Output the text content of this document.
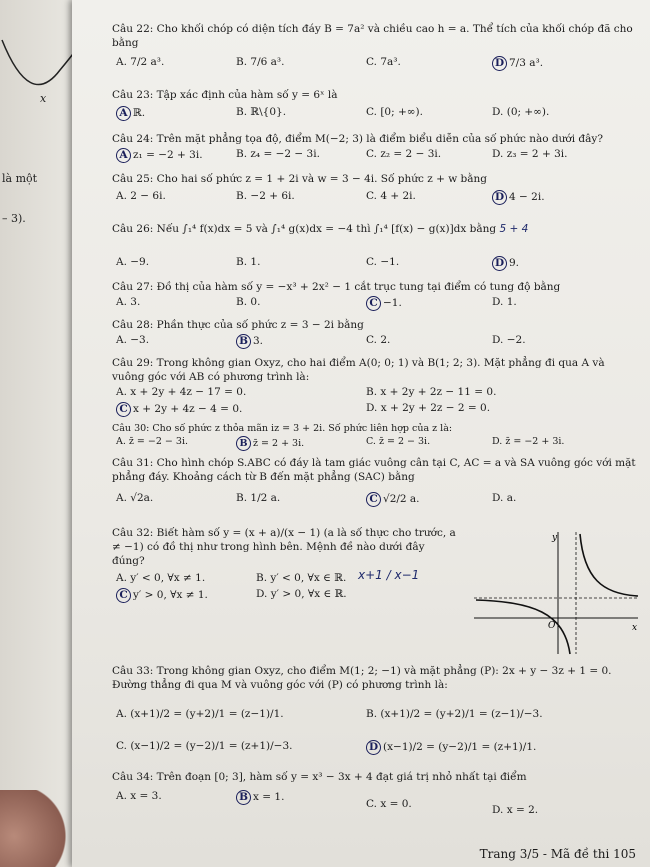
x
là một
– 3).
Câu 22: Cho khối chóp có diện tích đáy B = 7a² và chiều cao h = a. Thể tích của khối chóp đã cho bằng
A. 7/2 a³.	B. 7/6 a³.	C. 7a³.	D 7/3 a³.
Câu 23: Tập xác định của hàm số y = 6ˣ là
A ℝ.	B. ℝ\{0}.	C. [0; +∞).	D. (0; +∞).
Câu 24: Trên mặt phẳng tọa độ, điểm M(−2; 3) là điểm biểu diễn của số phức nào dưới đây?
A z₁ = −2 + 3i.	B. z₄ = −2 − 3i.	C. z₂ = 2 − 3i.	D. z₃ = 2 + 3i.
Câu 25: Cho hai số phức z = 1 + 2i và w = 3 − 4i. Số phức z + w bằng
A. 2 − 6i.	B. −2 + 6i.	C. 4 + 2i.	D 4 − 2i.
Câu 26: Nếu ∫₁⁴ f(x)dx = 5 và ∫₁⁴ g(x)dx = −4 thì ∫₁⁴ [f(x) − g(x)]dx bằng 5 + 4
A. −9.	B. 1.	C. −1.	D 9.
Câu 27: Đồ thị của hàm số y = −x³ + 2x² − 1 cắt trục tung tại điểm có tung độ bằng
A. 3.	B. 0.	C −1.	D. 1.
Câu 28: Phần thực của số phức z = 3 − 2i bằng
A. −3.	B 3.	C. 2.	D. −2.
Câu 29: Trong không gian Oxyz, cho hai điểm A(0; 0; 1) và B(1; 2; 3). Mặt phẳng đi qua A và vuông góc với AB có phương trình là:
A. x + 2y + 4z − 17 = 0.	B. x + 2y + 2z − 11 = 0.
C x + 2y + 4z − 4 = 0.	D. x + 2y + 2z − 2 = 0.
Câu 30: Cho số phức z thỏa mãn iz = 3 + 2i. Số phức liên hợp của z là:
A. z̄ = −2 − 3i.	B z̄ = 2 + 3i.	C. z̄ = 2 − 3i.	D. z̄ = −2 + 3i.
Câu 31: Cho hình chóp S.ABC có đáy là tam giác vuông cân tại C, AC = a và SA vuông góc với mặt phẳng đáy. Khoảng cách từ B đến mặt phẳng (SAC) bằng
A. √2a.	B. 1/2 a.	C √2/2 a.	D. a.
Câu 32: Biết hàm số y = (x + a)/(x − 1) (a là số thực cho trước, a ≠ −1) có đồ thị như trong hình bên. Mệnh đề nào dưới đây đúng?
A. y′ < 0, ∀x ≠ 1.	B. y′ < 0, ∀x ∈ ℝ.
C y′ > 0, ∀x ≠ 1.	D. y′ > 0, ∀x ∈ ℝ.
x+1 / x−1
y
x
O
Câu 33: Trong không gian Oxyz, cho điểm M(1; 2; −1) và mặt phẳng (P): 2x + y − 3z + 1 = 0. Đường thẳng đi qua M và vuông góc với (P) có phương trình là:
A. (x+1)/2 = (y+2)/1 = (z−1)/1.	B. (x+1)/2 = (y+2)/1 = (z−1)/−3.
C. (x−1)/2 = (y−2)/1 = (z+1)/−3.	D (x−1)/2 = (y−2)/1 = (z+1)/1.
Câu 34: Trên đoạn [0; 3], hàm số y = x³ − 3x + 4 đạt giá trị nhỏ nhất tại điểm
A. x = 3.	B x = 1.
C. x = 0.	D. x = 2.
Trang 3/5 - Mã đề thi 105
